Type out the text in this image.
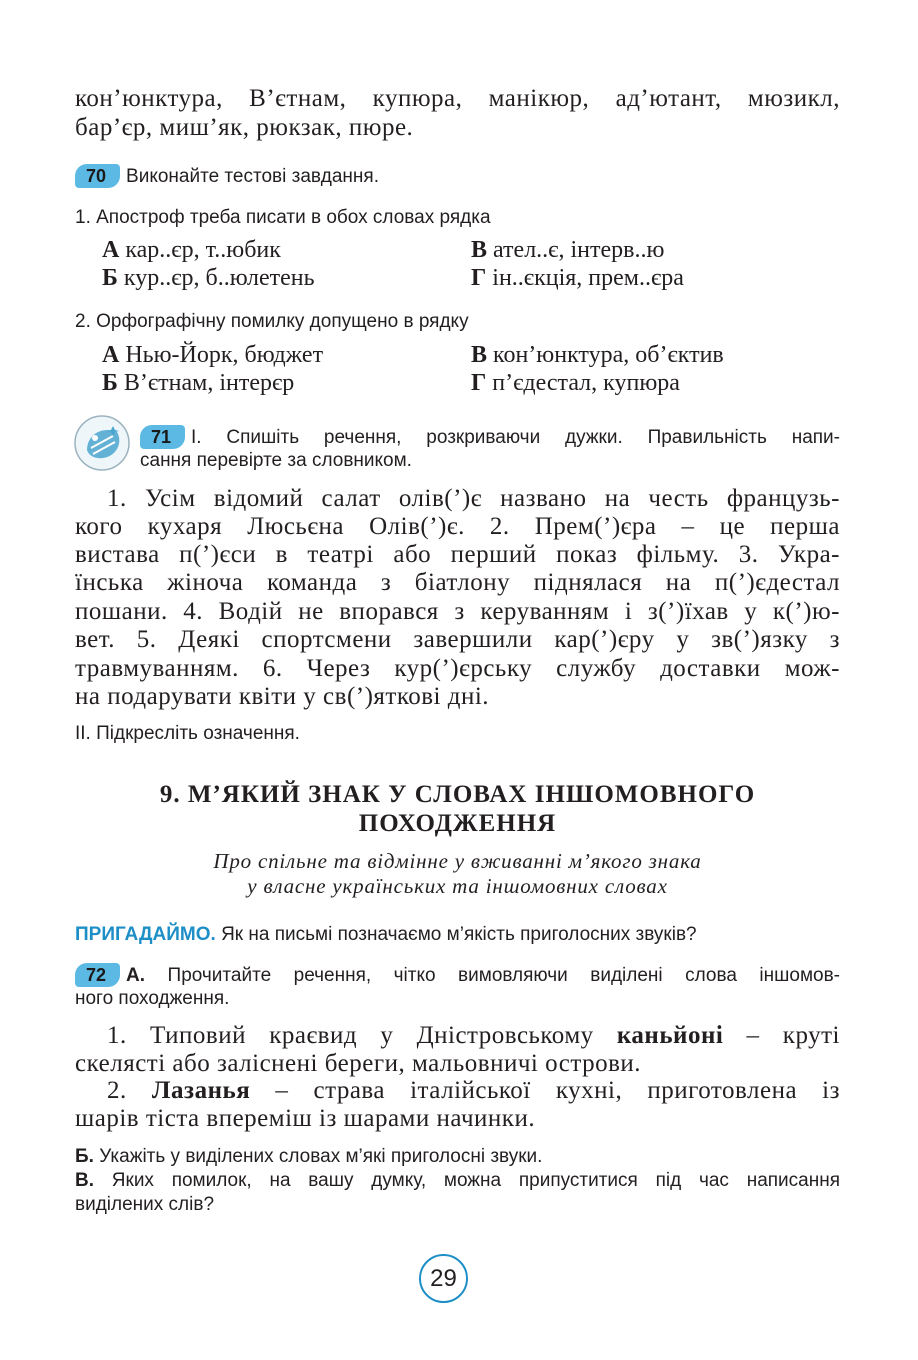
кон’юнктура, В’єтнам, купюра, манікюр, ад’ютант, мюзикл,
бар’єр, миш’як, рюкзак, пюре.
70 Виконайте тестові завдання.
1. Апостроф треба писати в обох словах рядка
А кар..єр, т..юбик	В ател..є, інтерв..ю
Б кур..єр, б..юлетень	Г ін..єкція, прем..єра
2. Орфографічну помилку допущено в рядку
А Нью-Йорк, бюджет	В кон’юнктура, об’єктив
Б В’єтнам, інтерєр	Г п’єдестал, купюра
71 I. Спишіть речення, розкриваючи дужки. Правильність напи-
сання перевірте за словником.
1. Усім відомий салат олів(’)є названо на честь французь-
кого кухаря Люсьєна Олів(’)є. 2. Прем(’)єра – це перша
вистава п(’)єси в театрі або перший показ фільму. 3. Укра-
їнська жіноча команда з біатлону піднялася на п(’)єдестал
пошани. 4. Водій не впорався з керуванням і з(’)їхав у к(’)ю-
вет. 5. Деякі спортсмени завершили кар(’)єру у зв(’)язку з
травмуванням. 6. Через кур(’)єрську службу доставки мож-
на подарувати квіти у св(’)яткові дні.
II. Підкресліть означення.
9. М’ЯКИЙ ЗНАК У СЛОВАХ ІНШОМОВНОГО
ПОХОДЖЕННЯ
Про спільне та відмінне у вживанні м’якого знака
у власне українських та іншомовних словах
ПРИГАДАЙМО. Як на письмі позначаємо м’якість приголосних звуків?
72 А. Прочитайте речення, чітко вимовляючи виділені слова іншомов-
ного походження.
1. Типовий краєвид у Дністровському каньйоні – круті
скелясті або заліснені береги, мальовничі острови.
2. Лазанья – страва італійської кухні, приготовлена із
шарів тіста впереміш із шарами начинки.
Б. Укажіть у виділених словах м’які приголосні звуки.
В. Яких помилок, на вашу думку, можна припуститися під час написання
виділених слів?
29
